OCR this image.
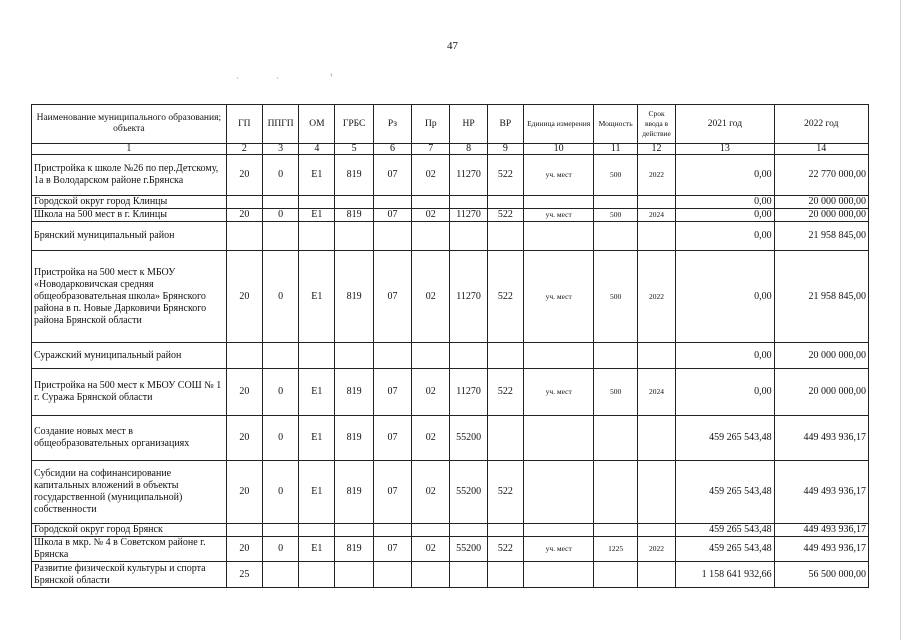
47
·	·	‹
Наименование муниципального образования; объекта	ГП	ППГП	ОМ	ГРБС	Рз	Пр	НР	ВР	Единица измерения	Мощность	Срок ввода в действие	2021 год	2022 год
1	2	3	4	5	6	7	8	9	10	11	12	13	14
Пристройка к школе №26 по пер.Детскому, 1а в Володарском районе г.Брянска	20	0	Е1	819	07	02	11270	522	уч. мест	500	2022	0,00	22 770 000,00
Городской округ город Клинцы												0,00	20 000 000,00
Школа на 500 мест в г. Клинцы	20	0	Е1	819	07	02	11270	522	уч. мест	500	2024	0,00	20 000 000,00
Брянский муниципальный район												0,00	21 958 845,00
Пристройка на 500 мест к МБОУ «Новодарковичская средняя общеобразовательная школа» Брянского района в п. Новые Дарковичи Брянского района Брянской области	20	0	Е1	819	07	02	11270	522	уч. мест	500	2022	0,00	21 958 845,00
Суражский муниципальный район												0,00	20 000 000,00
Пристройка на 500 мест к МБОУ СОШ № 1 г. Суража Брянской области	20	0	Е1	819	07	02	11270	522	уч. мест	500	2024	0,00	20 000 000,00
Создание новых мест в общеобразовательных организациях	20	0	Е1	819	07	02	55200					459 265 543,48	449 493 936,17
Субсидии на софинансирование капитальных вложений в объекты государственной (муниципальной) собственности	20	0	Е1	819	07	02	55200	522				459 265 543,48	449 493 936,17
Городской округ город Брянск												459 265 543,48	449 493 936,17
Школа в мкр. № 4 в Советском районе г. Брянска	20	0	Е1	819	07	02	55200	522	уч. мест	1225	2022	459 265 543,48	449 493 936,17
Развитие физической культуры и спорта Брянской области	25											1 158 641 932,66	56 500 000,00
